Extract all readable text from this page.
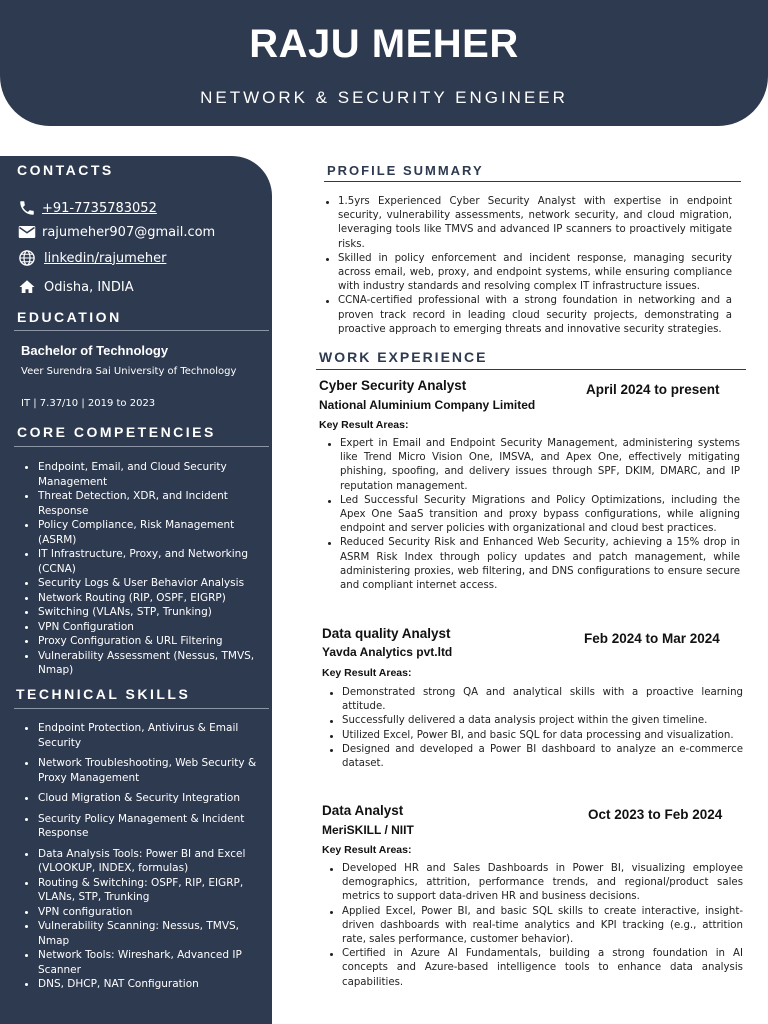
RAJU MEHER
NETWORK & SECURITY ENGINEER
CONTACTS
+91-7735783052
rajumeher907@gmail.com
linkedin/rajumeher
Odisha, INDIA
EDUCATION
Bachelor of Technology
Veer Surendra Sai University of Technology
IT | 7.37/10 | 2019 to 2023
CORE COMPETENCIES
Endpoint, Email, and Cloud Security Management
Threat Detection, XDR, and Incident Response
Policy Compliance, Risk Management (ASRM)
IT Infrastructure, Proxy, and Networking (CCNA)
Security Logs & User Behavior Analysis
Network Routing (RIP, OSPF, EIGRP)
Switching (VLANs, STP, Trunking)
VPN Configuration
Proxy Configuration & URL Filtering
Vulnerability Assessment (Nessus, TMVS, Nmap)
TECHNICAL SKILLS
Endpoint Protection, Antivirus & Email Security
Network Troubleshooting, Web Security & Proxy Management
Cloud Migration & Security Integration
Security Policy Management & Incident Response
Data Analysis Tools: Power BI and Excel (VLOOKUP, INDEX, formulas)
Routing & Switching: OSPF, RIP, EIGRP, VLANs, STP, Trunking
VPN configuration
Vulnerability Scanning: Nessus, TMVS, Nmap
Network Tools: Wireshark, Advanced IP Scanner
DNS, DHCP, NAT Configuration
PROFILE SUMMARY
1.5yrs Experienced Cyber Security Analyst with expertise in endpoint security, vulnerability assessments, network security, and cloud migration, leveraging tools like TMVS and advanced IP scanners to proactively mitigate risks.
Skilled in policy enforcement and incident response, managing security across email, web, proxy, and endpoint systems, while ensuring compliance with industry standards and resolving complex IT infrastructure issues.
CCNA-certified professional with a strong foundation in networking and a proven track record in leading cloud security projects, demonstrating a proactive approach to emerging threats and innovative security strategies.
WORK EXPERIENCE
Cyber Security Analyst	April 2024 to present
National Aluminium Company Limited
Key Result Areas:
Expert in Email and Endpoint Security Management, administering systems like Trend Micro Vision One, IMSVA, and Apex One, effectively mitigating phishing, spoofing, and delivery issues through SPF, DKIM, DMARC, and IP reputation management.
Led Successful Security Migrations and Policy Optimizations, including the Apex One SaaS transition and proxy bypass configurations, while aligning endpoint and server policies with organizational and cloud best practices.
Reduced Security Risk and Enhanced Web Security, achieving a 15% drop in ASRM Risk Index through policy updates and patch management, while administering proxies, web filtering, and DNS configurations to ensure secure and compliant internet access.
Data quality Analyst	Feb 2024 to Mar 2024
Yavda Analytics pvt.ltd
Key Result Areas:
Demonstrated strong QA and analytical skills with a proactive learning attitude.
Successfully delivered a data analysis project within the given timeline.
Utilized Excel, Power BI, and basic SQL for data processing and visualization.
Designed and developed a Power BI dashboard to analyze an e-commerce dataset.
Data Analyst	Oct 2023 to Feb 2024
MeriSKILL / NIIT
Key Result Areas:
Developed HR and Sales Dashboards in Power BI, visualizing employee demographics, attrition, performance trends, and regional/product sales metrics to support data-driven HR and business decisions.
Applied Excel, Power BI, and basic SQL skills to create interactive, insight-driven dashboards with real-time analytics and KPI tracking (e.g., attrition rate, sales performance, customer behavior).
Certified in Azure AI Fundamentals, building a strong foundation in AI concepts and Azure-based intelligence tools to enhance data analysis capabilities.
